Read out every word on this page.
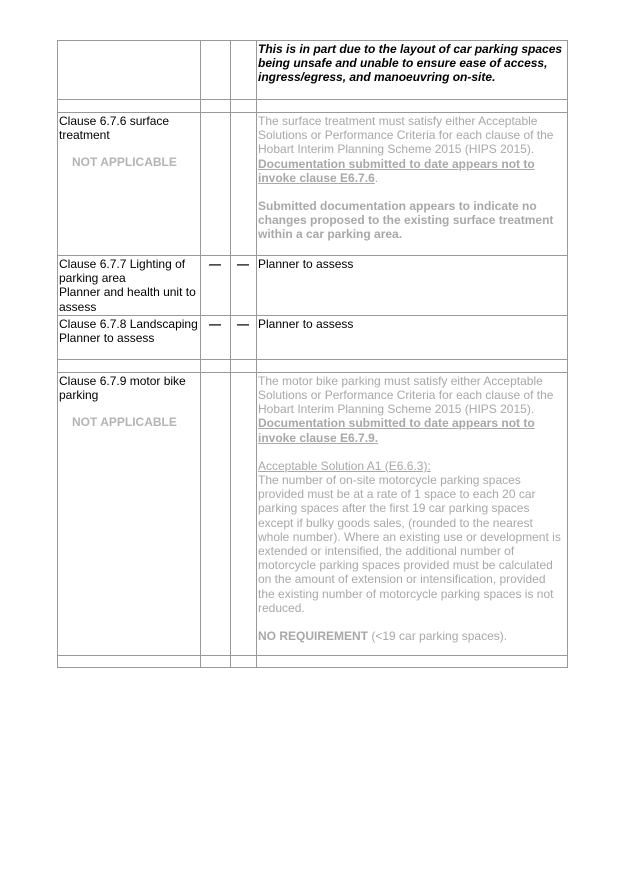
			This is in part due to the layout of car parking spaces being unsafe and unable to ensure ease of access, ingress/egress, and manoeuvring on-site.

Clause 6.7.6 surface treatment
NOT APPLICABLE			The surface treatment must satisfy either Acceptable Solutions or Performance Criteria for each clause of the Hobart Interim Planning Scheme 2015 (HIPS 2015).
Documentation submitted to date appears not to invoke clause E6.7.6.
Submitted documentation appears to indicate no changes proposed to the existing surface treatment within a car parking area.

Clause 6.7.7 Lighting of parking area
Planner and health unit to assess	—	—	Planner to assess

Clause 6.7.8 Landscaping
Planner to assess	—	—	Planner to assess

Clause 6.7.9 motor bike parking
NOT APPLICABLE			The motor bike parking must satisfy either Acceptable Solutions or Performance Criteria for each clause of the Hobart Interim Planning Scheme 2015 (HIPS 2015).
Documentation submitted to date appears not to invoke clause E6.7.9.
Acceptable Solution A1 (E6.6.3):
The number of on-site motorcycle parking spaces provided must be at a rate of 1 space to each 20 car parking spaces after the first 19 car parking spaces except if bulky goods sales, (rounded to the nearest whole number). Where an existing use or development is extended or intensified, the additional number of motorcycle parking spaces provided must be calculated on the amount of extension or intensification, provided the existing number of motorcycle parking spaces is not reduced.
NO REQUIREMENT (<19 car parking spaces).
